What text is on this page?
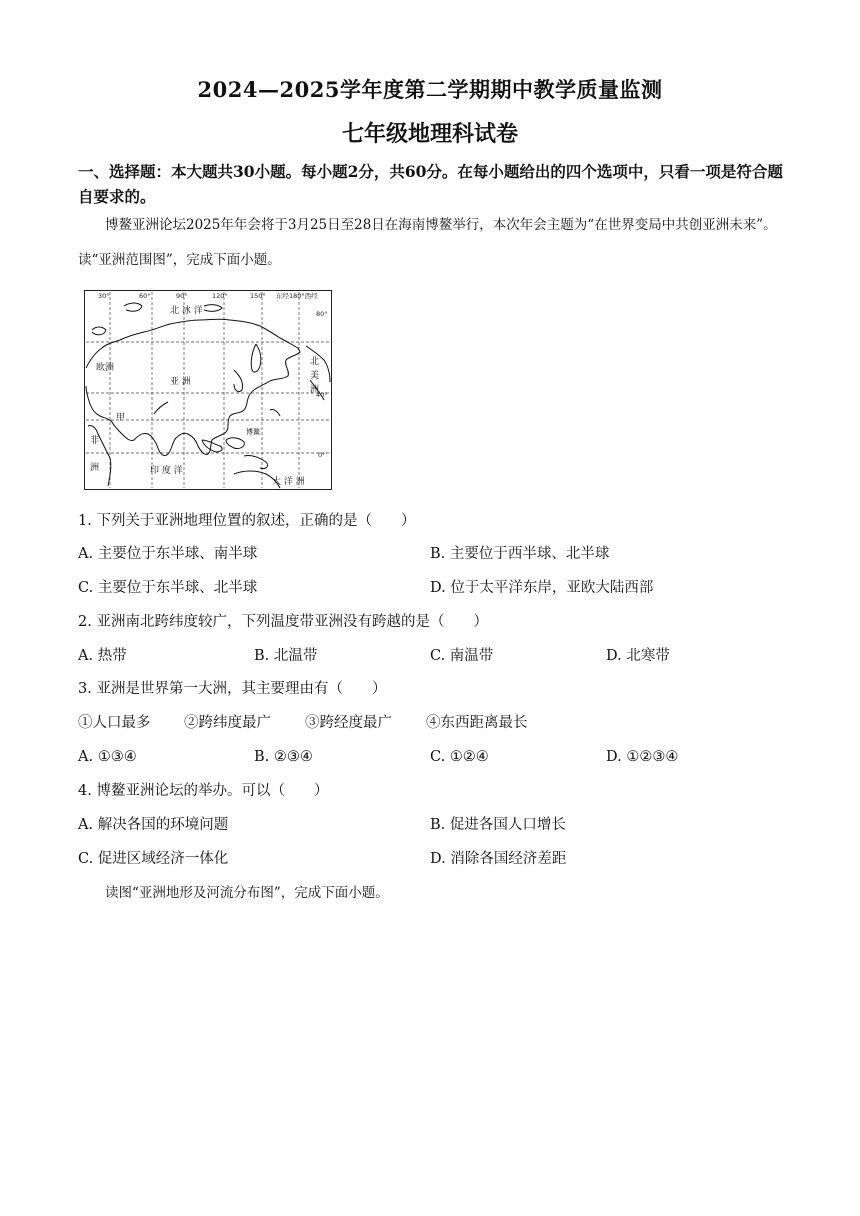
2024—2025学年度第二学期期中教学质量监测
七年级地理科试卷
一、选择题：本大题共30小题。每小题2分，共60分。在每小题给出的四个选项中，只看一项是符合题自要求的。
博鳌亚洲论坛2025年年会将于3月25日至28日在海南博鳌举行，本次年会主题为“在世界变局中共创亚洲未来”。读“亚洲范围图”，完成下面小题。
30°	60°	90°	120°	150° 东经180°西经
80°
40°
0°
北 冰 洋
欧洲
亚 洲
北
美
洲
甲
非
洲
博鳌
印 度 洋
大 洋 洲
1. 下列关于亚洲地理位置的叙述，正确的是（　　）
A. 主要位于东半球、南半球	B. 主要位于西半球、北半球
C. 主要位于东半球、北半球	D. 位于太平洋东岸，亚欧大陆西部
2. 亚洲南北跨纬度较广，下列温度带亚洲没有跨越的是（　　）
A. 热带	B. 北温带	C. 南温带	D. 北寒带
3. 亚洲是世界第一大洲，其主要理由有（　　）
①人口最多 ②跨纬度最广 ③跨经度最广 ④东西距离最长
A. ①③④	B. ②③④	C. ①②④	D. ①②③④
4. 博鳌亚洲论坛的举办。可以（　　）
A. 解决各国的环境问题	B. 促进各国人口增长
C. 促进区域经济一体化	D. 消除各国经济差距
读图“亚洲地形及河流分布图”，完成下面小题。
